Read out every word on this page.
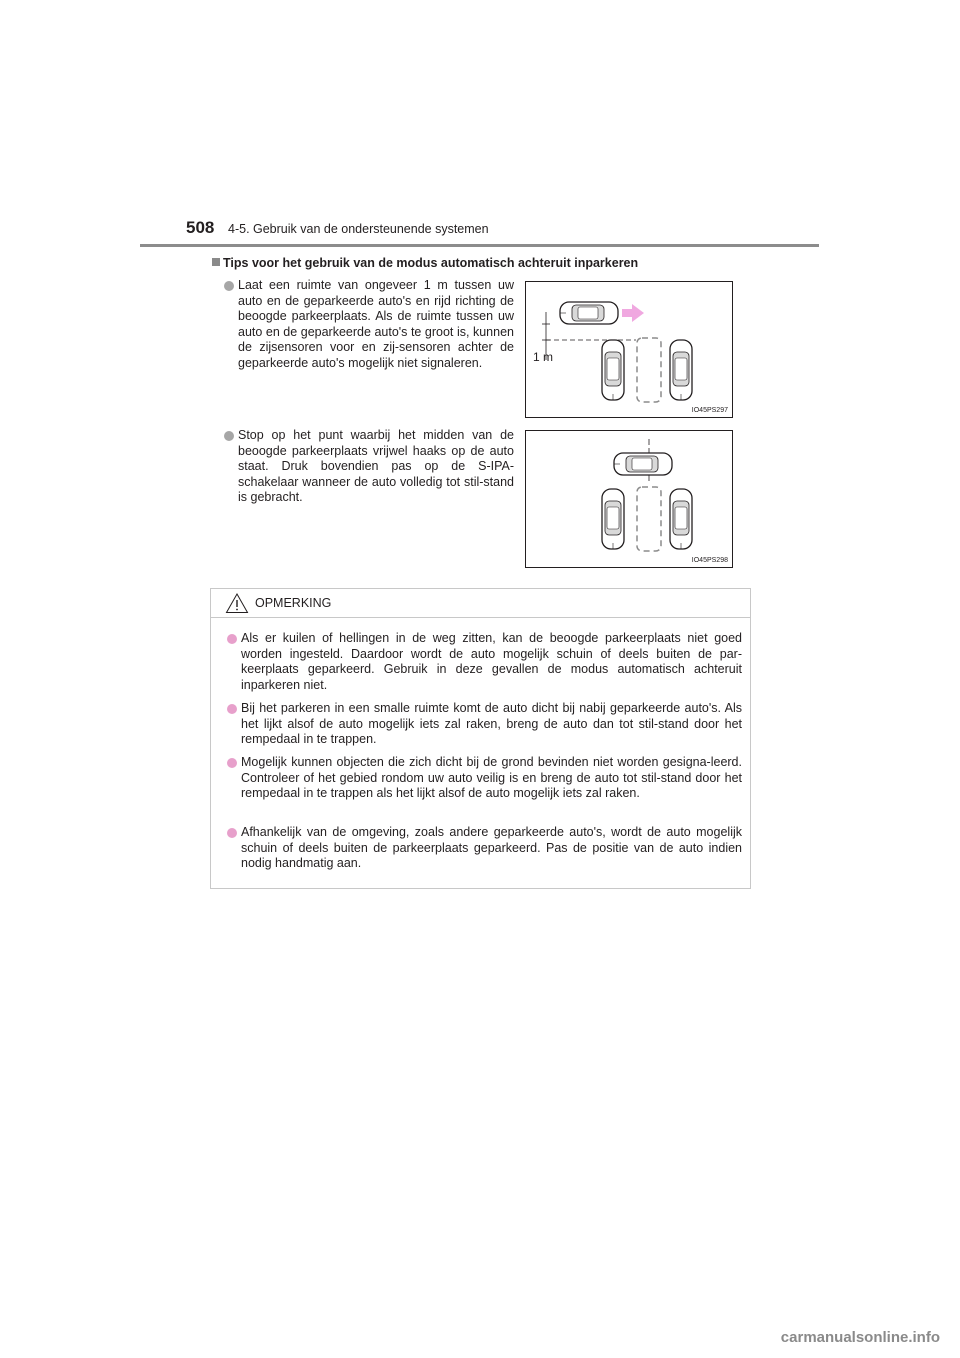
508 4-5. Gebruik van de ondersteunende systemen
Tips voor het gebruik van de modus automatisch achteruit inparkeren
Laat een ruimte van ongeveer 1 m tussen uw auto en de geparkeerde auto's en rijd richting de beoogde parkeerplaats. Als de ruimte tussen uw auto en de geparkeerde auto's te groot is, kunnen de zijsensoren voor en zij-sensoren achter de geparkeerde auto's mogelijk niet signaleren.
Stop op het punt waarbij het midden van de beoogde parkeerplaats vrijwel haaks op de auto staat. Druk bovendien pas op de S-IPA-schakelaar wanneer de auto volledig tot stil-stand is gebracht.
1 m
IO45PS297
IO45PS298
OPMERKING
Als er kuilen of hellingen in de weg zitten, kan de beoogde parkeerplaats niet goed worden ingesteld. Daardoor wordt de auto mogelijk schuin of deels buiten de par-keerplaats geparkeerd. Gebruik in deze gevallen de modus automatisch achteruit inparkeren niet.
Bij het parkeren in een smalle ruimte komt de auto dicht bij nabij geparkeerde auto's. Als het lijkt alsof de auto mogelijk iets zal raken, breng de auto dan tot stil-stand door het rempedaal in te trappen.
Mogelijk kunnen objecten die zich dicht bij de grond bevinden niet worden gesigna-leerd. Controleer of het gebied rondom uw auto veilig is en breng de auto tot stil-stand door het rempedaal in te trappen als het lijkt alsof de auto mogelijk iets zal raken.
Afhankelijk van de omgeving, zoals andere geparkeerde auto's, wordt de auto mogelijk schuin of deels buiten de parkeerplaats geparkeerd. Pas de positie van de auto indien nodig handmatig aan.
carmanualsonline.info
